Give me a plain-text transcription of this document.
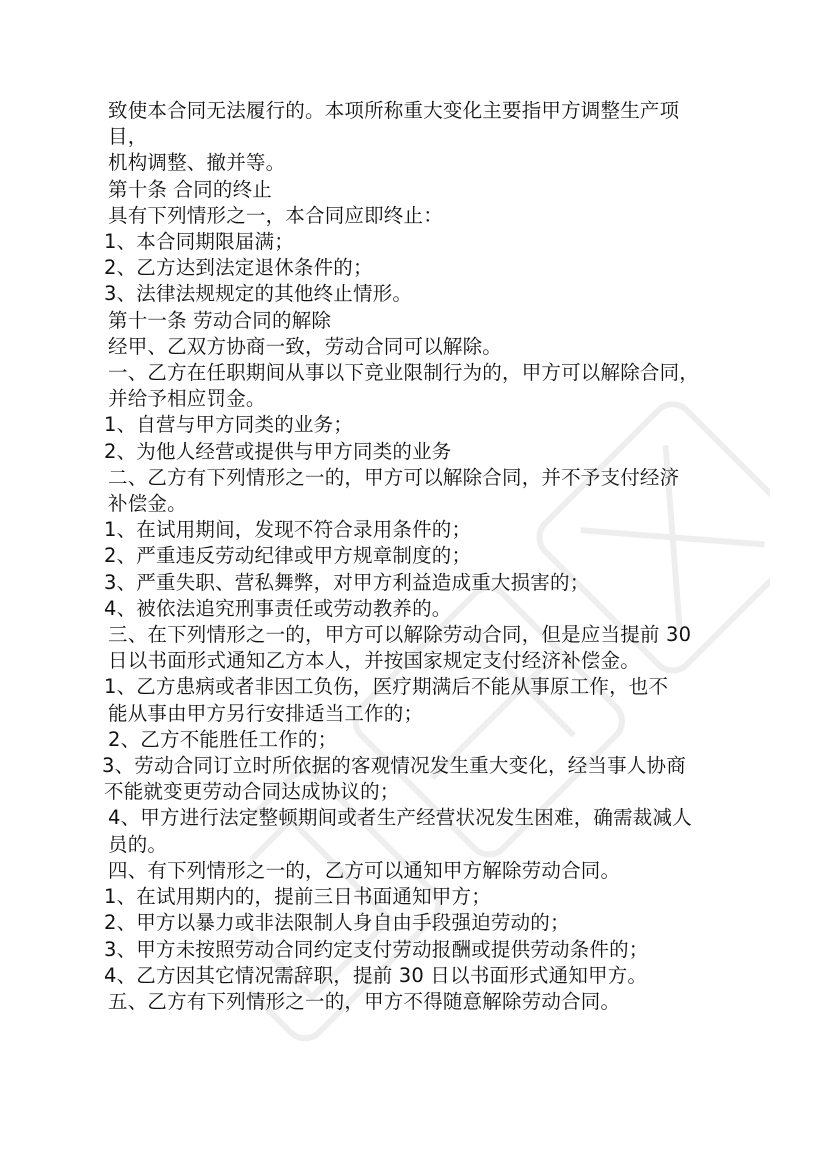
致使本合同无法履行的。本项所称重大变化主要指甲方调整生产项
目，
机构调整、撤并等。
第十条 合同的终止
具有下列情形之一，本合同应即终止：
1、本合同期限届满；
2、乙方达到法定退休条件的；
3、法律法规规定的其他终止情形。
第十一条 劳动合同的解除
经甲、乙双方协商一致，劳动合同可以解除。
一、乙方在任职期间从事以下竞业限制行为的，甲方可以解除合同，
并给予相应罚金。
1、自营与甲方同类的业务；
2、为他人经营或提供与甲方同类的业务
二、乙方有下列情形之一的，甲方可以解除合同，并不予支付经济
补偿金。
1、在试用期间，发现不符合录用条件的；
2、严重违反劳动纪律或甲方规章制度的；
3、严重失职、营私舞弊，对甲方利益造成重大损害的；
4、被依法追究刑事责任或劳动教养的。
三、在下列情形之一的，甲方可以解除劳动合同，但是应当提前 30
日以书面形式通知乙方本人，并按国家规定支付经济补偿金。
1、乙方患病或者非因工负伤，医疗期满后不能从事原工作，也不
能从事由甲方另行安排适当工作的；
2、乙方不能胜任工作的；
3、劳动合同订立时所依据的客观情况发生重大变化，经当事人协商
不能就变更劳动合同达成协议的；
4、甲方进行法定整顿期间或者生产经营状况发生困难，确需裁减人
员的。
四、有下列情形之一的，乙方可以通知甲方解除劳动合同。
1、在试用期内的，提前三日书面通知甲方；
2、甲方以暴力或非法限制人身自由手段强迫劳动的；
3、甲方未按照劳动合同约定支付劳动报酬或提供劳动条件的；
4、乙方因其它情况需辞职，提前 30 日以书面形式通知甲方。
五、乙方有下列情形之一的，甲方不得随意解除劳动合同。
